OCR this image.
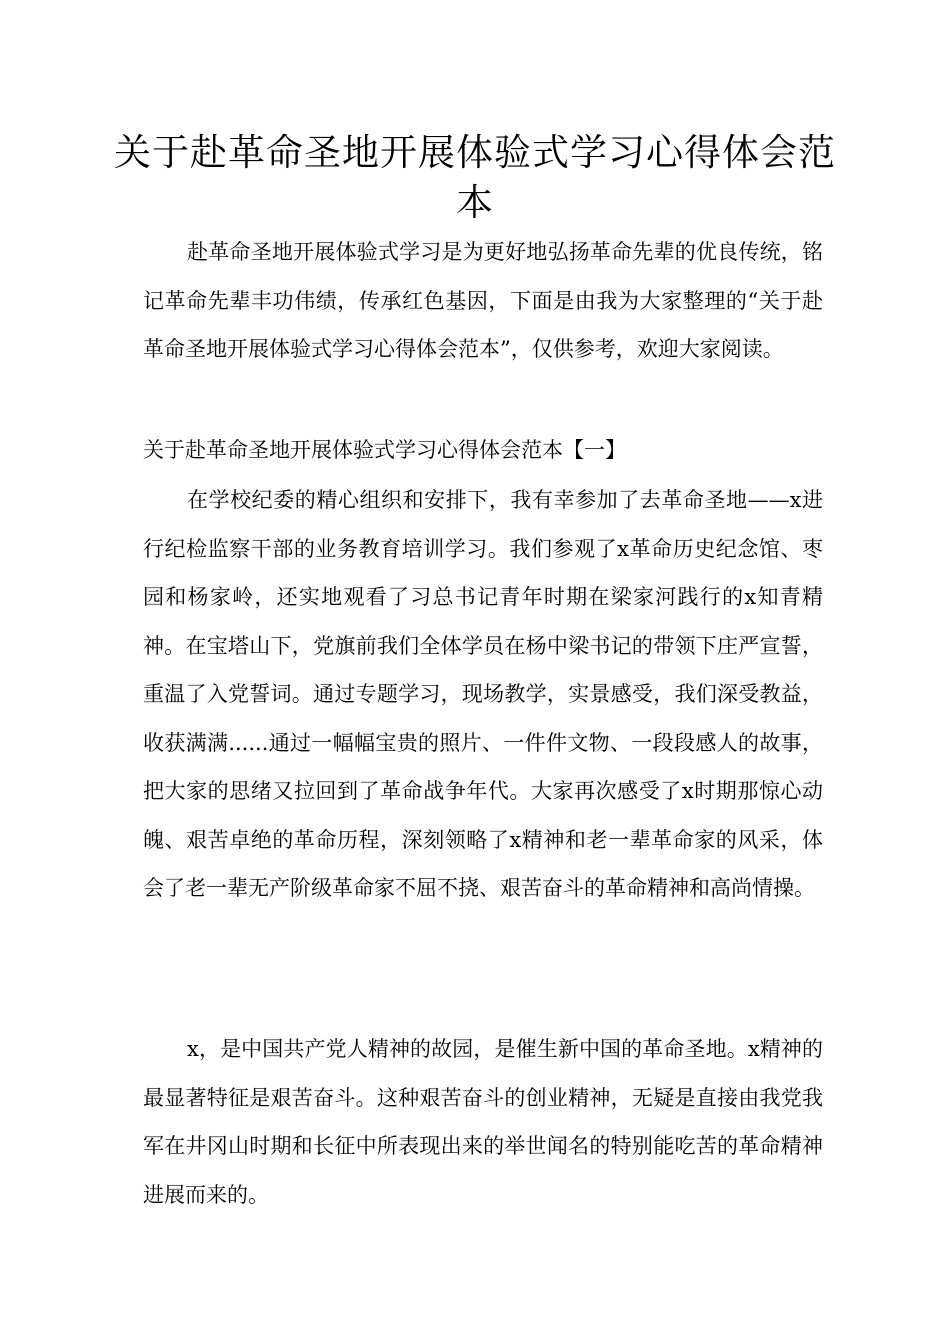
关于赴革命圣地开展体验式学习心得体会范本
赴革命圣地开展体验式学习是为更好地弘扬革命先辈的优良传统，铭记革命先辈丰功伟绩，传承红色基因，下面是由我为大家整理的“关于赴革命圣地开展体验式学习心得体会范本”，仅供参考，欢迎大家阅读。
关于赴革命圣地开展体验式学习心得体会范本【一】
在学校纪委的精心组织和安排下，我有幸参加了去革命圣地——x进行纪检监察干部的业务教育培训学习。我们参观了x革命历史纪念馆、枣园和杨家岭，还实地观看了习总书记青年时期在梁家河践行的x知青精神。在宝塔山下，党旗前我们全体学员在杨中梁书记的带领下庄严宣誓，重温了入党誓词。通过专题学习，现场教学，实景感受，我们深受教益，收获满满......通过一幅幅宝贵的照片、一件件文物、一段段感人的故事，把大家的思绪又拉回到了革命战争年代。大家再次感受了x时期那惊心动魄、艰苦卓绝的革命历程，深刻领略了x精神和老一辈革命家的风采，体会了老一辈无产阶级革命家不屈不挠、艰苦奋斗的革命精神和高尚情操。
x，是中国共产党人精神的故园，是催生新中国的革命圣地。x精神的最显著特征是艰苦奋斗。这种艰苦奋斗的创业精神，无疑是直接由我党我军在井冈山时期和长征中所表现出来的举世闻名的特别能吃苦的革命精神进展而来的。
